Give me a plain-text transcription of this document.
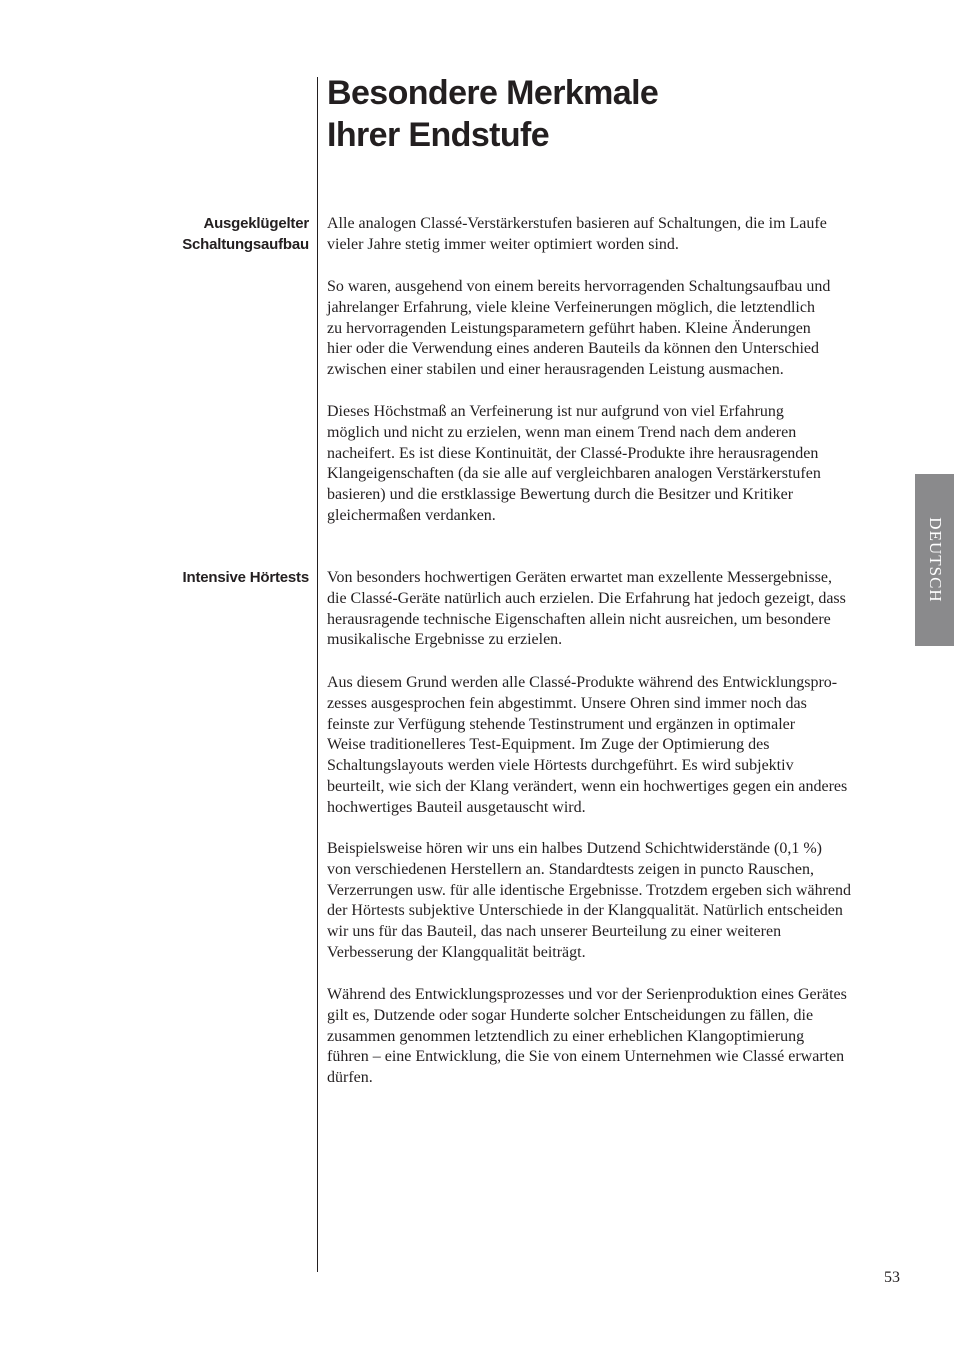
Besondere Merkmale
Ihrer Endstufe
Ausgeklügelter
Schaltungsaufbau

Alle analogen Classé-Verstärkerstufen basieren auf Schaltungen, die im Laufe
vieler Jahre stetig immer weiter optimiert worden sind.

So waren, ausgehend von einem bereits hervorragenden Schaltungsaufbau und
jahrelanger Erfahrung, viele kleine Verfeinerungen möglich, die letztendlich
zu hervorragenden Leistungsparametern geführt haben. Kleine Änderungen
hier oder die Verwendung eines anderen Bauteils da können den Unterschied
zwischen einer stabilen und einer herausragenden Leistung ausmachen.

Dieses Höchstmaß an Verfeinerung ist nur aufgrund von viel Erfahrung
möglich und nicht zu erzielen, wenn man einem Trend nach dem anderen
nacheifert. Es ist diese Kontinuität, der Classé-Produkte ihre herausragenden
Klangeigenschaften (da sie alle auf vergleichbaren analogen Verstärkerstufen
basieren) und die erstklassige Bewertung durch die Besitzer und Kritiker
gleichermaßen verdanken.

Intensive Hörtests Von besonders hochwertigen Geräten erwartet man exzellente Messergebnisse,
die Classé-Geräte natürlich auch erzielen. Die Erfahrung hat jedoch gezeigt, dass
herausragende technische Eigenschaften allein nicht ausreichen, um besondere
musikalische Ergebnisse zu erzielen.

Aus diesem Grund werden alle Classé-Produkte während des Entwicklungspro-
zesses ausgesprochen fein abgestimmt. Unsere Ohren sind immer noch das
feinste zur Verfügung stehende Testinstrument und ergänzen in optimaler
Weise traditionelleres Test-Equipment. Im Zuge der Optimierung des
Schaltungslayouts werden viele Hörtests durchgeführt. Es wird subjektiv
beurteilt, wie sich der Klang verändert, wenn ein hochwertiges gegen ein anderes
hochwertiges Bauteil ausgetauscht wird.

Beispielsweise hören wir uns ein halbes Dutzend Schichtwiderstände (0,1 %)
von verschiedenen Herstellern an. Standardtests zeigen in puncto Rauschen,
Verzerrungen usw. für alle identische Ergebnisse. Trotzdem ergeben sich während
der Hörtests subjektive Unterschiede in der Klangqualität. Natürlich entscheiden
wir uns für das Bauteil, das nach unserer Beurteilung zu einer weiteren
Verbesserung der Klangqualität beiträgt.

Während des Entwicklungsprozesses und vor der Serienproduktion eines Gerätes
gilt es, Dutzende oder sogar Hunderte solcher Entscheidungen zu fällen, die
zusammen genommen letztendlich zu einer erheblichen Klangoptimierung
führen – eine Entwicklung, die Sie von einem Unternehmen wie Classé erwarten
dürfen.

DEUTSCH
53
